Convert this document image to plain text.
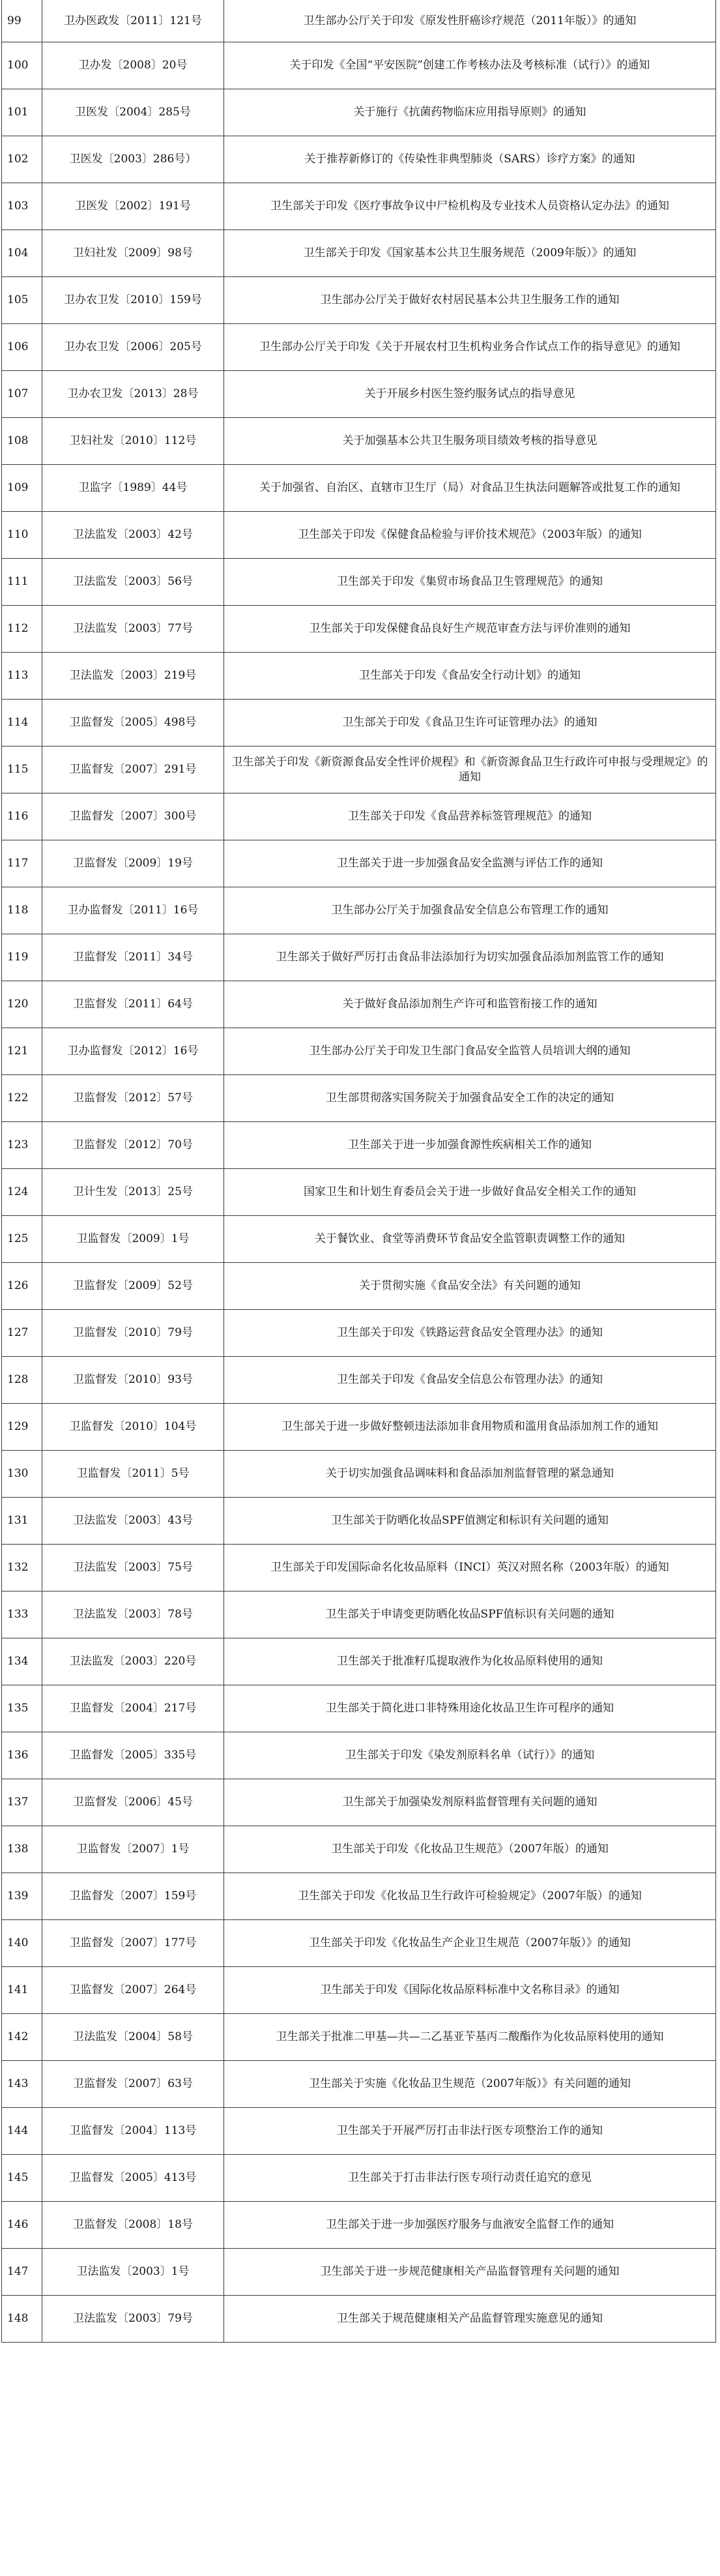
99	卫办医政发〔2011〕121号	卫生部办公厅关于印发《原发性肝癌诊疗规范（2011年版）》的通知
100	卫办发〔2008〕20号	关于印发《全国“平安医院”创建工作考核办法及考核标准（试行）》的通知
101	卫医发〔2004〕285号	关于施行《抗菌药物临床应用指导原则》的通知
102	卫医发〔2003〕286号）	关于推荐新修订的《传染性非典型肺炎（SARS）诊疗方案》的通知
103	卫医发〔2002〕191号	卫生部关于印发《医疗事故争议中尸检机构及专业技术人员资格认定办法》的通知
104	卫妇社发〔2009〕98号	卫生部关于印发《国家基本公共卫生服务规范（2009年版）》的通知
105	卫办农卫发〔2010〕159号	卫生部办公厅关于做好农村居民基本公共卫生服务工作的通知
106	卫办农卫发〔2006〕205号	卫生部办公厅关于印发《关于开展农村卫生机构业务合作试点工作的指导意见》的通知
107	卫办农卫发〔2013〕28号	关于开展乡村医生签约服务试点的指导意见
108	卫妇社发〔2010〕112号	关于加强基本公共卫生服务项目绩效考核的指导意见
109	卫监字〔1989〕44号	关于加强省、自治区、直辖市卫生厅（局）对食品卫生执法问题解答或批复工作的通知
110	卫法监发〔2003〕42号	卫生部关于印发《保健食品检验与评价技术规范》（2003年版）的通知
111	卫法监发〔2003〕56号	卫生部关于印发《集贸市场食品卫生管理规范》的通知
112	卫法监发〔2003〕77号	卫生部关于印发保健食品良好生产规范审查方法与评价准则的通知
113	卫法监发〔2003〕219号	卫生部关于印发《食品安全行动计划》的通知
114	卫监督发〔2005〕498号	卫生部关于印发《食品卫生许可证管理办法》的通知
115	卫监督发〔2007〕291号	卫生部关于印发《新资源食品安全性评价规程》和《新资源食品卫生行政许可申报与受理规定》的通知
116	卫监督发〔2007〕300号	卫生部关于印发《食品营养标签管理规范》的通知
117	卫监督发〔2009〕19号	卫生部关于进一步加强食品安全监测与评估工作的通知
118	卫办监督发〔2011〕16号	卫生部办公厅关于加强食品安全信息公布管理工作的通知
119	卫监督发〔2011〕34号	卫生部关于做好严厉打击食品非法添加行为切实加强食品添加剂监管工作的通知
120	卫监督发〔2011〕64号	关于做好食品添加剂生产许可和监管衔接工作的通知
121	卫办监督发〔2012〕16号	卫生部办公厅关于印发卫生部门食品安全监管人员培训大纲的通知
122	卫监督发〔2012〕57号	卫生部贯彻落实国务院关于加强食品安全工作的决定的通知
123	卫监督发〔2012〕70号	卫生部关于进一步加强食源性疾病相关工作的通知
124	卫计生发〔2013〕25号	国家卫生和计划生育委员会关于进一步做好食品安全相关工作的通知
125	卫监督发〔2009〕1号	关于餐饮业、食堂等消费环节食品安全监管职责调整工作的通知
126	卫监督发〔2009〕52号	关于贯彻实施《食品安全法》有关问题的通知
127	卫监督发〔2010〕79号	卫生部关于印发《铁路运营食品安全管理办法》的通知
128	卫监督发〔2010〕93号	卫生部关于印发《食品安全信息公布管理办法》的通知
129	卫监督发〔2010〕104号	卫生部关于进一步做好整顿违法添加非食用物质和滥用食品添加剂工作的通知
130	卫监督发〔2011〕5号	关于切实加强食品调味料和食品添加剂监督管理的紧急通知
131	卫法监发〔2003〕43号	卫生部关于防晒化妆品SPF值测定和标识有关问题的通知
132	卫法监发〔2003〕75号	卫生部关于印发国际命名化妆品原料（INCI）英汉对照名称（2003年版）的通知
133	卫法监发〔2003〕78号	卫生部关于申请变更防晒化妆品SPF值标识有关问题的通知
134	卫法监发〔2003〕220号	卫生部关于批准籽瓜提取液作为化妆品原料使用的通知
135	卫监督发〔2004〕217号	卫生部关于简化进口非特殊用途化妆品卫生许可程序的通知
136	卫监督发〔2005〕335号	卫生部关于印发《染发剂原料名单（试行）》的通知
137	卫监督发〔2006〕45号	卫生部关于加强染发剂原料监督管理有关问题的通知
138	卫监督发〔2007〕1号	卫生部关于印发《化妆品卫生规范》（2007年版）的通知
139	卫监督发〔2007〕159号	卫生部关于印发《化妆品卫生行政许可检验规定》（2007年版）的通知
140	卫监督发〔2007〕177号	卫生部关于印发《化妆品生产企业卫生规范（2007年版）》的通知
141	卫监督发〔2007〕264号	卫生部关于印发《国际化妆品原料标准中文名称目录》的通知
142	卫法监发〔2004〕58号	卫生部关于批准二甲基—共—二乙基亚苄基丙二酸酯作为化妆品原料使用的通知
143	卫监督发〔2007〕63号	卫生部关于实施《化妆品卫生规范（2007年版）》有关问题的通知
144	卫监督发〔2004〕113号	卫生部关于开展严厉打击非法行医专项整治工作的通知
145	卫监督发〔2005〕413号	卫生部关于打击非法行医专项行动责任追究的意见
146	卫监督发〔2008〕18号	卫生部关于进一步加强医疗服务与血液安全监督工作的通知
147	卫法监发〔2003〕1号	卫生部关于进一步规范健康相关产品监督管理有关问题的通知
148	卫法监发〔2003〕79号	卫生部关于规范健康相关产品监督管理实施意见的通知
